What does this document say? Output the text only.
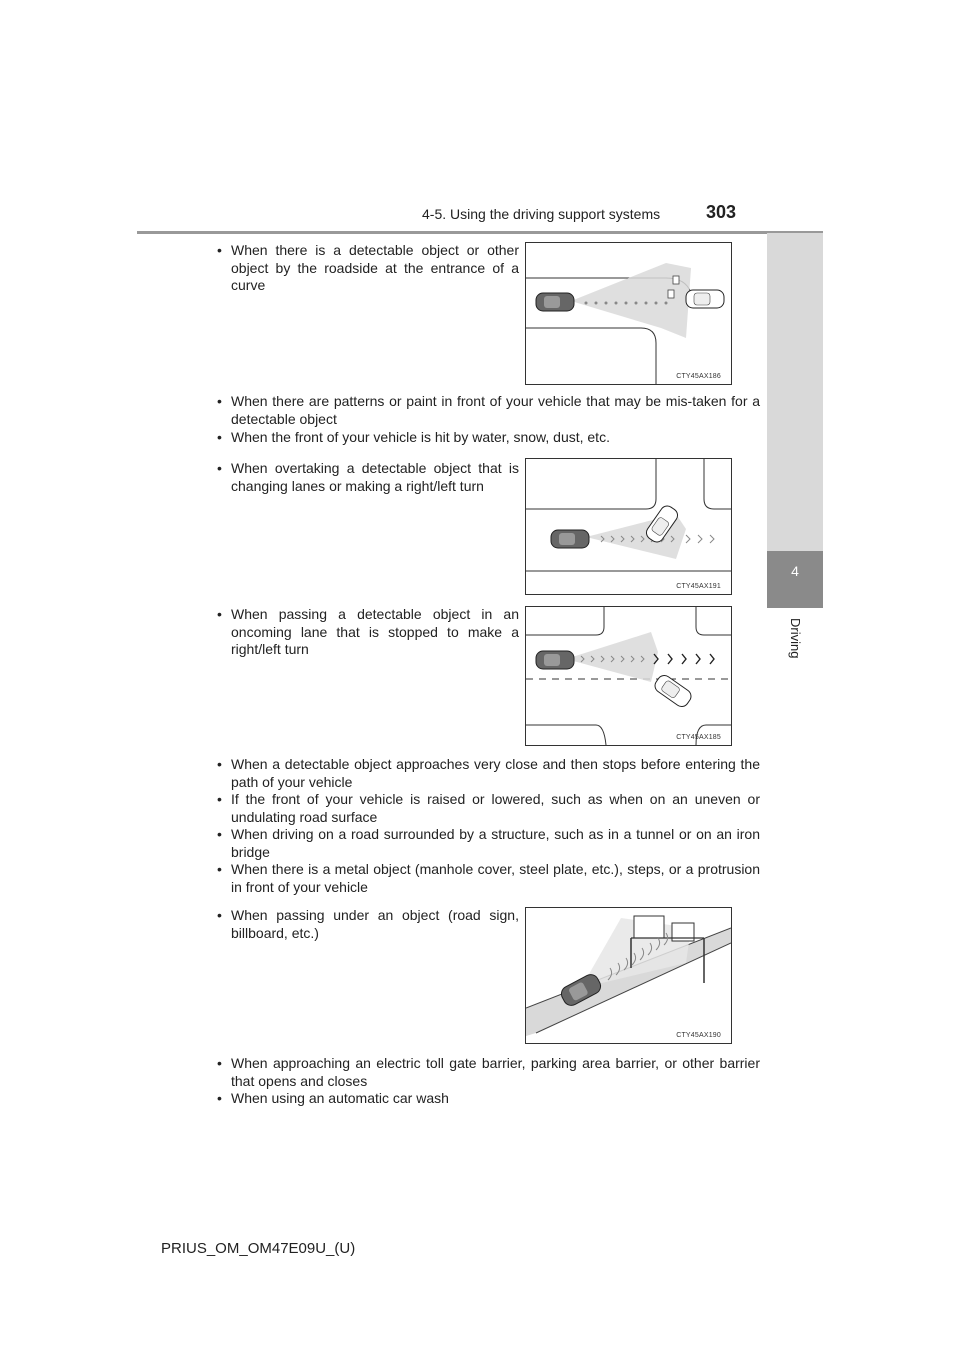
4-5. Using the driving support systems	303
4
Driving
• When there is a detectable object or other object by the roadside at the entrance of a curve
CTY45AX186
• When there are patterns or paint in front of your vehicle that may be mis-taken for a detectable object
• When the front of your vehicle is hit by water, snow, dust, etc.
• When overtaking a detectable object that is changing lanes or making a right/left turn
CTY45AX191
• When passing a detectable object in an oncoming lane that is stopped to make a right/left turn
CTY45AX185
• When a detectable object approaches very close and then stops before entering the path of your vehicle
• If the front of your vehicle is raised or lowered, such as when on an uneven or undulating road surface
• When driving on a road surrounded by a structure, such as in a tunnel or on an iron bridge
• When there is a metal object (manhole cover, steel plate, etc.), steps, or a protrusion in front of your vehicle
• When passing under an object (road sign, billboard, etc.)
CTY45AX190
• When approaching an electric toll gate barrier, parking area barrier, or other barrier that opens and closes
• When using an automatic car wash
PRIUS_OM_OM47E09U_(U)
